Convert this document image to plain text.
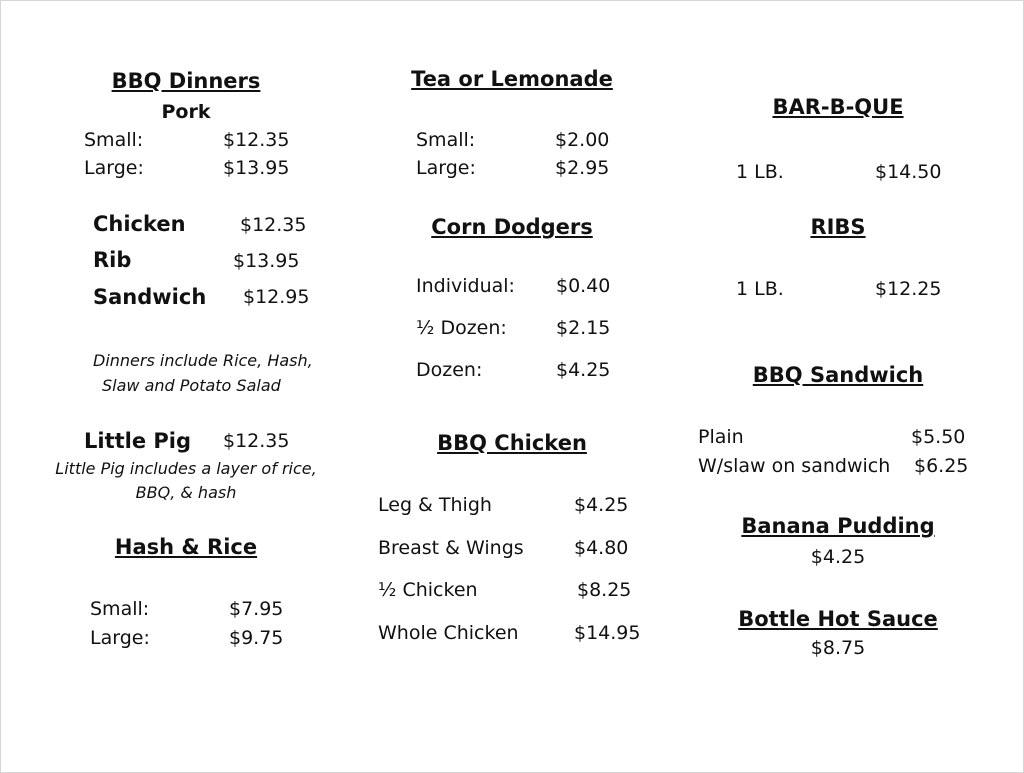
BBQ Dinners
Pork
Small:	$12.35
Large:	$13.95
Chicken	$12.35
Rib	$13.95
Sandwich $12.95
Dinners include Rice, Hash,
Slaw and Potato Salad
Little Pig $12.35
Little Pig includes a layer of rice,
BBQ, & hash
Hash & Rice
Small:	$7.95
Large:	$9.75
Tea or Lemonade
Small:	$2.00
Large:	$2.95
Corn Dodgers
Individual: $0.40
½ Dozen:	$2.15
Dozen:	$4.25
BBQ Chicken
Leg & Thigh	$4.25
Breast & Wings	$4.80
½ Chicken	$8.25
Whole Chicken	$14.95
BAR-B-QUE
1 LB.	$14.50
RIBS
1 LB.	$12.25
BBQ Sandwich
Plain	$5.50
W/slaw on sandwich $6.25
Banana Pudding
$4.25
Bottle Hot Sauce
$8.75
